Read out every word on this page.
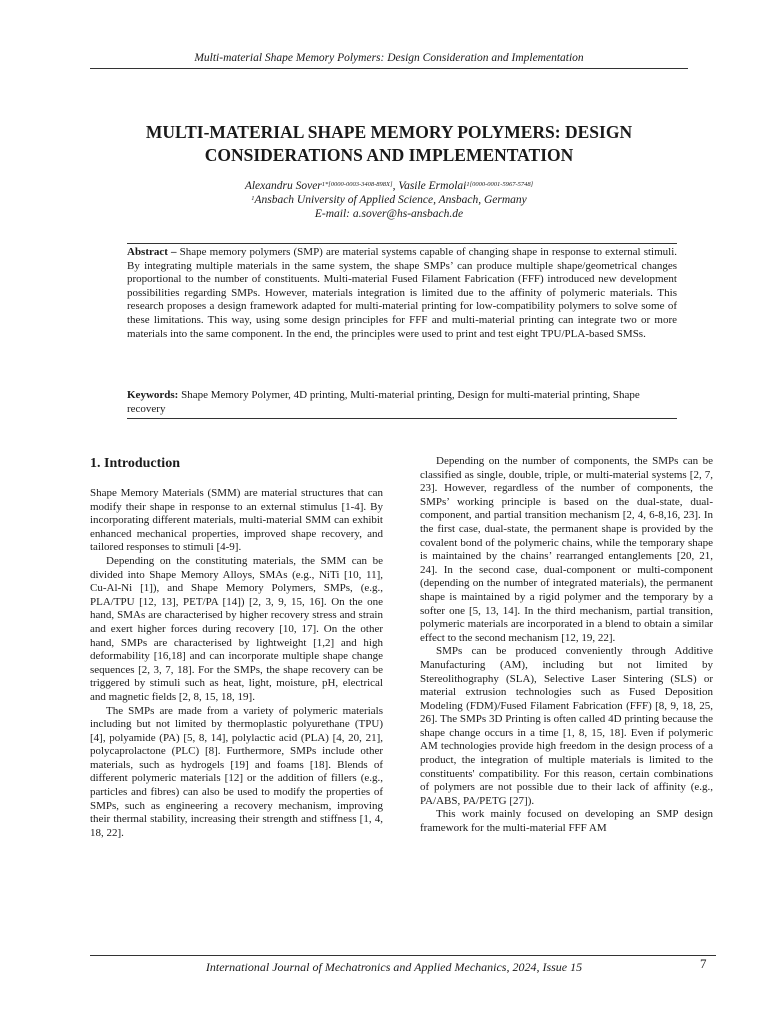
Multi-material Shape Memory Polymers: Design Consideration and Implementation
MULTI-MATERIAL SHAPE MEMORY POLYMERS: DESIGN
CONSIDERATIONS AND IMPLEMENTATION
Alexandru Sover$^{1*[0000-0003-3408-898X]}$, Vasile Ermolai$^{1[0000-0001-5967-5748]}$
$^1$Ansbach University of Applied Science, Ansbach, Germany
E-mail: a.sover@hs-ansbach.de
Abstract – Shape memory polymers (SMP) are material systems capable of changing shape in response to external stimuli. By integrating multiple materials in the same system, the shape SMPs’ can produce multiple shape/geometrical changes proportional to the number of constituents. Multi-material Fused Filament Fabrication (FFF) introduced new development possibilities regarding SMPs. However, materials integration is limited due to the affinity of polymeric materials. This research proposes a design framework adapted for multi-material printing for low-compatibility polymers to solve some of these limitations. This way, using some design principles for FFF and multi-material printing can integrate two or more materials into the same component. In the end, the principles were used to print and test eight TPU/PLA-based SMSs.
Keywords: Shape Memory Polymer, 4D printing, Multi-material printing, Design for multi-material printing, Shape recovery
1. Introduction

Shape Memory Materials (SMM) are material structures that can modify their shape in response to an external stimulus [1-4]. By incorporating different materials, multi-material SMM can exhibit enhanced mechanical properties, improved shape recovery, and tailored responses to stimuli [4-9].

Depending on the constituting materials, the SMM can be divided into Shape Memory Alloys, SMAs (e.g., NiTi [10, 11], Cu-Al-Ni [1]), and Shape Memory Polymers, SMPs, (e.g., PLA/TPU [12, 13], PET/PA [14]) [2, 3, 9, 15, 16]. On the one hand, SMAs are characterised by higher recovery stress and strain and exert higher forces during recovery [10, 17]. On the other hand, SMPs are characterised by lightweight [1,2] and high deformability [16,18] and can incorporate multiple shape change sequences [2, 3, 7, 18]. For the SMPs, the shape recovery can be triggered by stimuli such as heat, light, moisture, pH, electrical and magnetic fields [2, 8, 15, 18, 19].

The SMPs are made from a variety of polymeric materials including but not limited by thermoplastic polyurethane (TPU) [4], polyamide (PA) [5, 8, 14], polylactic acid (PLA) [4, 20, 21], polycaprolactone (PLC) [8]. Furthermore, SMPs include other materials, such as hydrogels [19] and foams [18]. Blends of different polymeric materials [12] or the addition of fillers (e.g., particles and fibres) can also be used to modify the properties of SMPs, such as engineering a recovery mechanism, improving their thermal stability, increasing their strength and stiffness [1, 4, 18, 22].

Depending on the number of components, the SMPs can be classified as single, double, triple, or multi-material systems [2, 7, 23]. However, regardless of the number of components, the SMPs’ working principle is based on the dual-state, dual-component, and partial transition mechanism [2, 4, 6-8,16, 23]. In the first case, dual-state, the permanent shape is provided by the covalent bond of the polymeric chains, while the temporary shape is maintained by the chains’ rearranged entanglements [20, 21, 24]. In the second case, dual-component or multi-component (depending on the number of integrated materials), the permanent shape is maintained by a rigid polymer and the temporary by a softer one [5, 13, 14]. In the third mechanism, partial transition, polymeric materials are incorporated in a blend to obtain a similar effect to the second mechanism [12, 19, 22].

SMPs can be produced conveniently through Additive Manufacturing (AM), including but not limited by Stereolithography (SLA), Selective Laser Sintering (SLS) or material extrusion technologies such as Fused Deposition Modeling (FDM)/Fused Filament Fabrication (FFF) [8, 9, 18, 25, 26]. The SMPs 3D Printing is often called 4D printing because the shape change occurs in a time [1, 8, 15, 18]. Even if polymeric AM technologies provide high freedom in the design process of a product, the integration of multiple materials is limited to the constituents' compatibility. For this reason, certain combinations of polymers are not possible due to their lack of affinity (e.g., PA/ABS, PA/PETG [27]).

This work mainly focused on developing an SMP design framework for the multi-material FFF AM

International Journal of Mechatronics and Applied Mechanics, 2024, Issue 15	7
